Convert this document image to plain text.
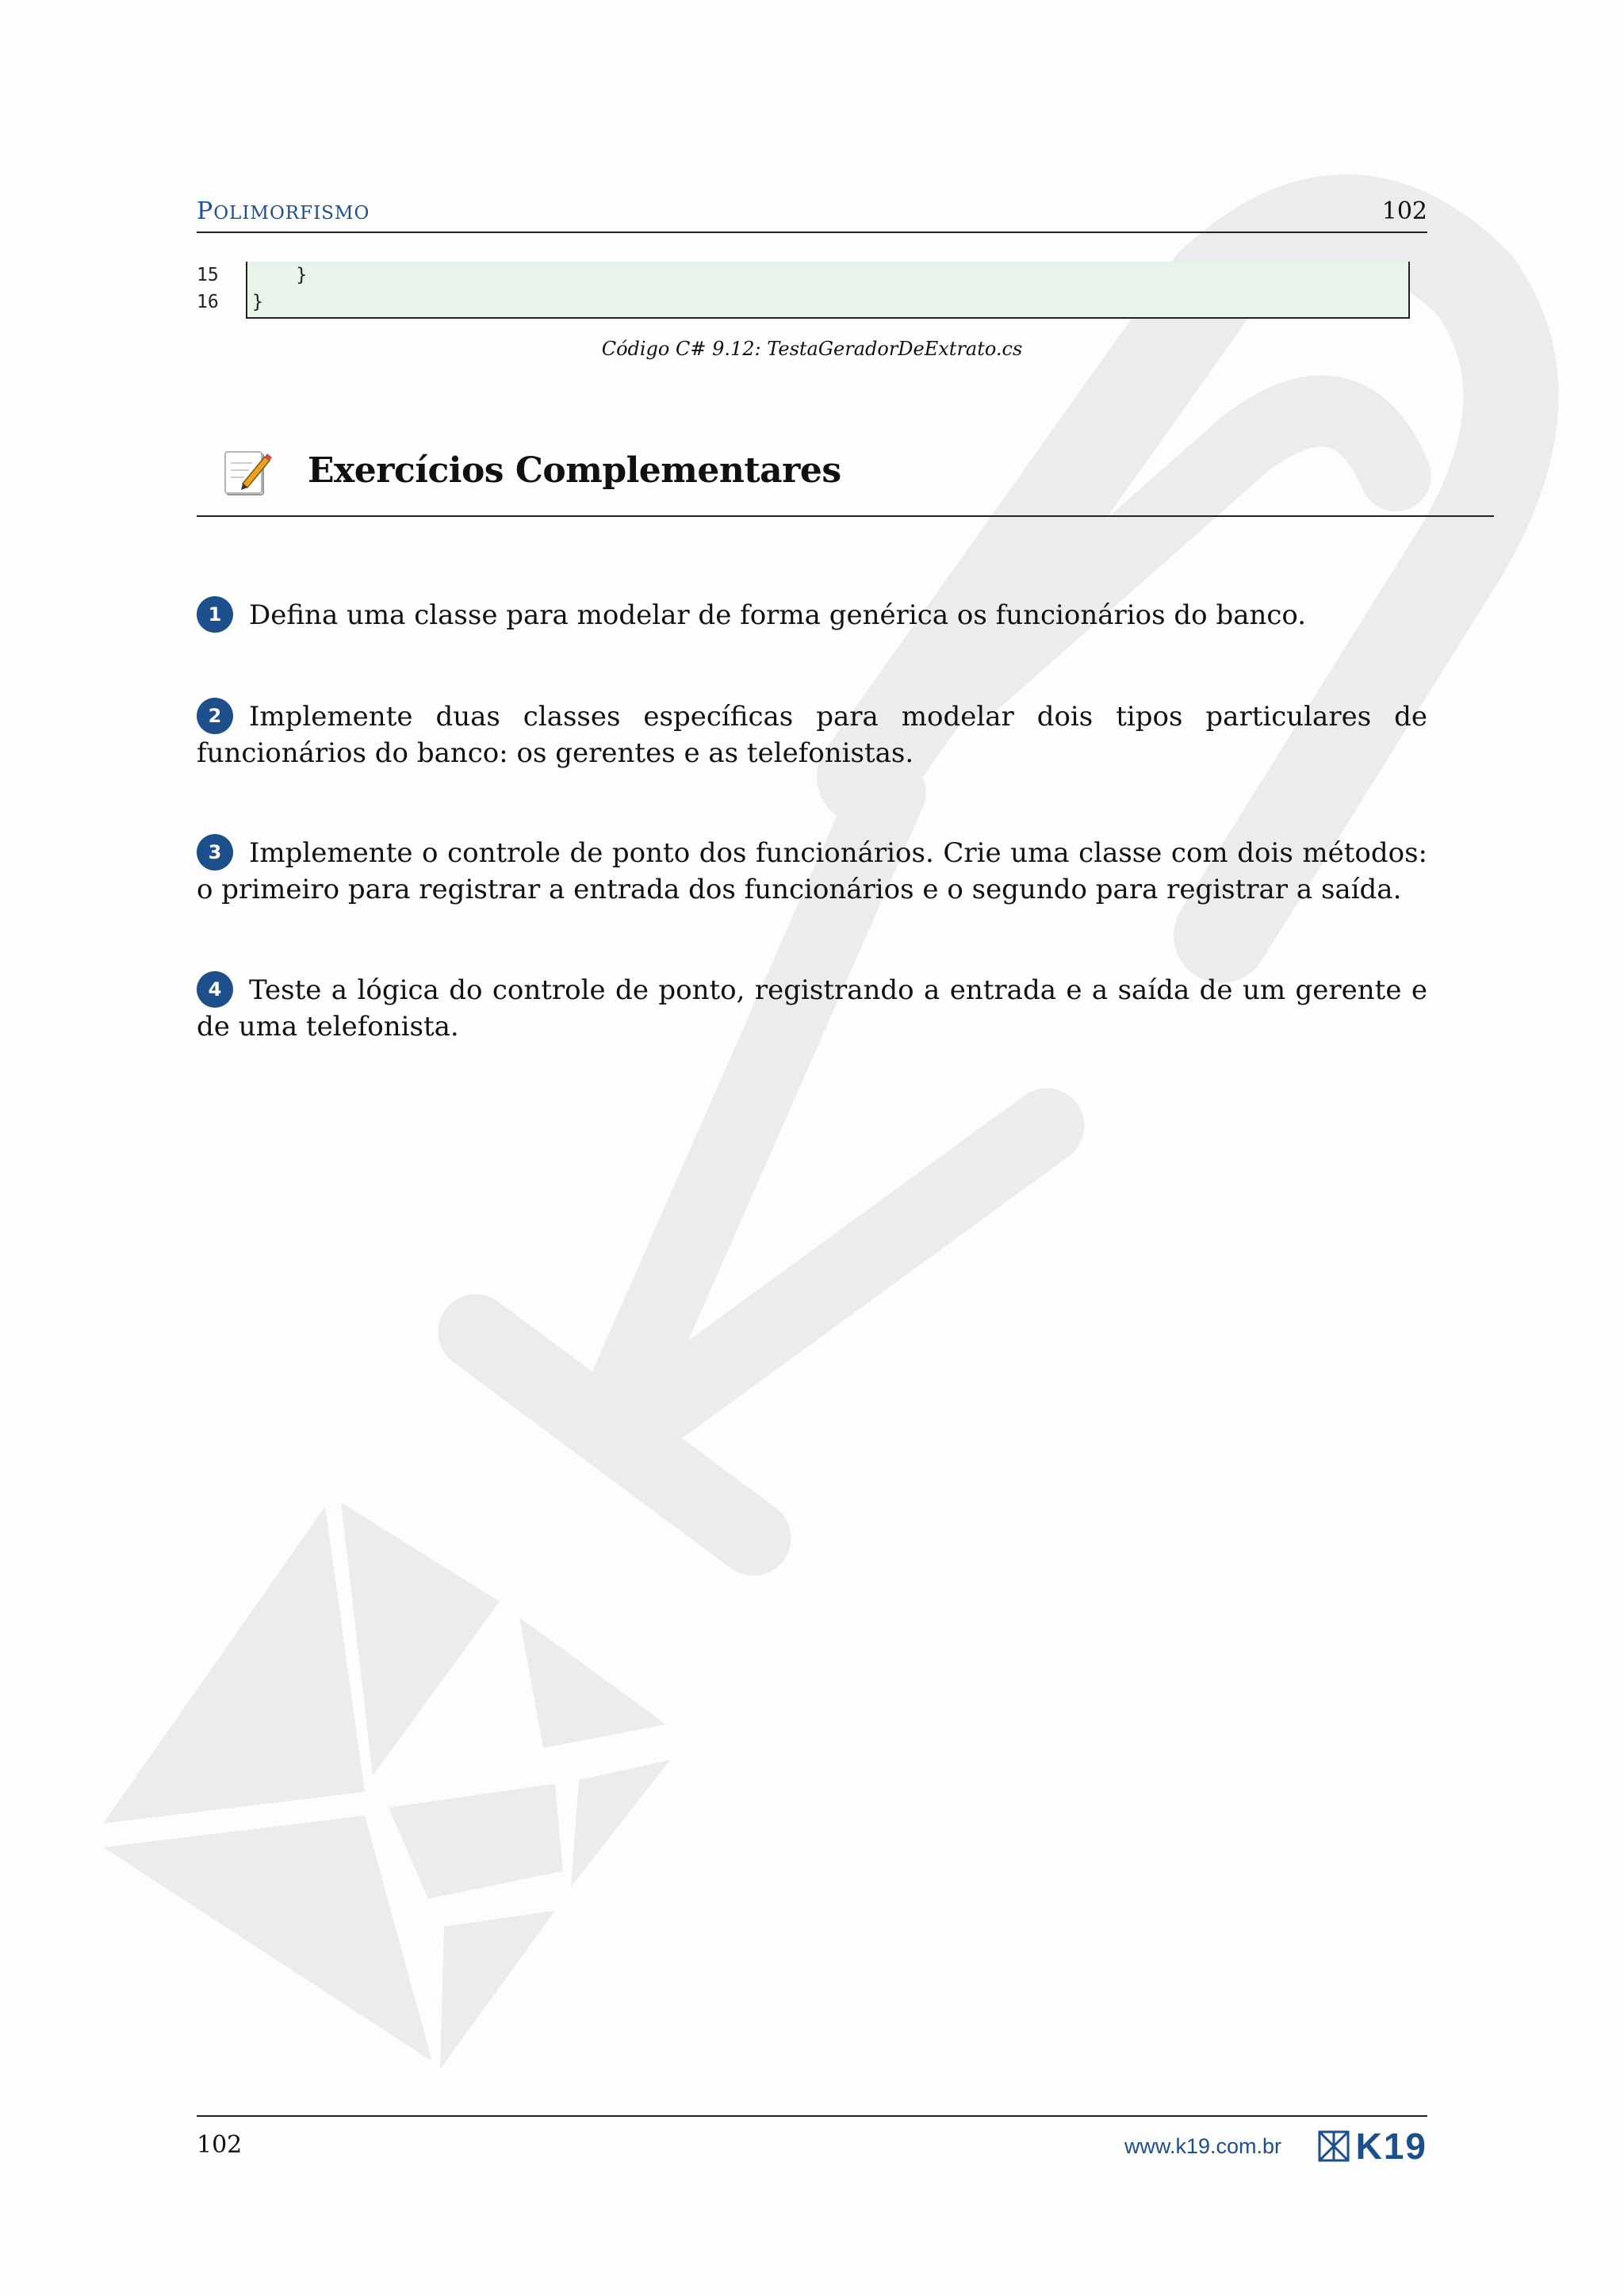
POLIMORFISMO	102
15
16
}
}
Código C# 9.12: TestaGeradorDeExtrato.cs
Exercícios Complementares
1 Defina uma classe para modelar de forma genérica os funcionários do banco.
2 Implemente duas classes específicas para modelar dois tipos particulares de funcionários do banco: os gerentes e as telefonistas.
3 Implemente o controle de ponto dos funcionários. Crie uma classe com dois métodos: o primeiro para registrar a entrada dos funcionários e o segundo para registrar a saída.
4 Teste a lógica do controle de ponto, registrando a entrada e a saída de um gerente e de uma telefonista.
102	www.k19.com.br K19
